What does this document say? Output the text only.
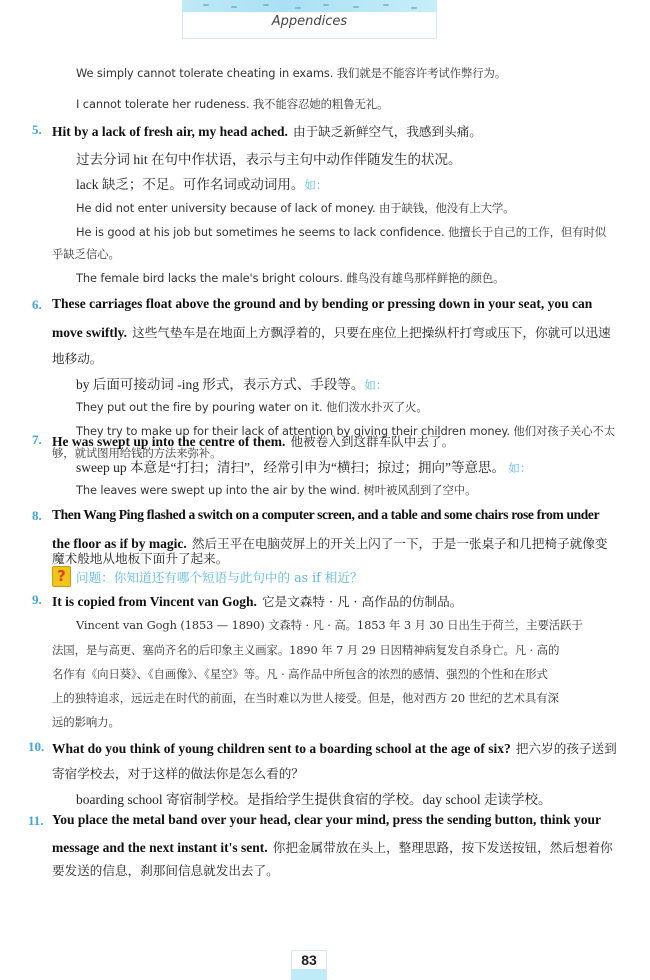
Appendices
We simply cannot tolerate cheating in exams. 我们就是不能容许考试作弊行为。
I cannot tolerate her rudeness. 我不能容忍她的粗鲁无礼。
5. Hit by a lack of fresh air, my head ached. 由于缺乏新鲜空气，我感到头痛。
过去分词 hit 在句中作状语，表示与主句中动作伴随发生的状况。
lack 缺乏；不足。可作名词或动词用。如：
He did not enter university because of lack of money. 由于缺钱，他没有上大学。
He is good at his job but sometimes he seems to lack confidence. 他擅长于自己的工作，但有时似
乎缺乏信心。
The female bird lacks the male's bright colours. 雌鸟没有雄鸟那样鲜艳的颜色。
6. These carriages float above the ground and by bending or pressing down in your seat, you can
move swiftly. 这些气垫车是在地面上方飘浮着的，只要在座位上把操纵杆打弯或压下，你就可以迅速
地移动。
by 后面可接动词 -ing 形式，表示方式、手段等。如：
They put out the fire by pouring water on it. 他们泼水扑灭了火。
They try to make up for their lack of attention by giving their children money. 他们对孩子关心不太
够，就试图用给钱的方法来弥补。
7. He was swept up into the centre of them. 他被卷入到这群车队中去了。
sweep up 本意是“打扫；清扫”，经常引申为“横扫；掠过；拥向”等意思。 如：
The leaves were swept up into the air by the wind. 树叶被风刮到了空中。
8. Then Wang Ping flashed a switch on a computer screen, and a table and some chairs rose from under
the floor as if by magic. 然后王平在电脑荧屏上的开关上闪了一下，于是一张桌子和几把椅子就像变
魔术般地从地板下面升了起来。
? 问题：你知道还有哪个短语与此句中的 as if 相近？
9. It is copied from Vincent van Gogh. 它是文森特 · 凡 · 高作品的仿制品。
Vincent van Gogh (1853 — 1890) 文森特 · 凡 · 高。1853 年 3 月 30 日出生于荷兰，主要活跃于
法国，是与高更、塞尚齐名的后印象主义画家。1890 年 7 月 29 日因精神病复发自杀身亡。凡 · 高的
名作有《向日葵》、《自画像》、《星空》等。凡 · 高作品中所包含的浓烈的感情、强烈的个性和在形式
上的独特追求，远远走在时代的前面，在当时难以为世人接受。但是，他对西方 20 世纪的艺术具有深
远的影响力。
10. What do you think of young children sent to a boarding school at the age of six? 把六岁的孩子送到
寄宿学校去，对于这样的做法你是怎么看的？
boarding school 寄宿制学校。是指给学生提供食宿的学校。day school 走读学校。
11. You place the metal band over your head, clear your mind, press the sending button, think your
message and the next instant it's sent. 你把金属带放在头上，整理思路，按下发送按钮，然后想着你
要发送的信息，刹那间信息就发出去了。
83
